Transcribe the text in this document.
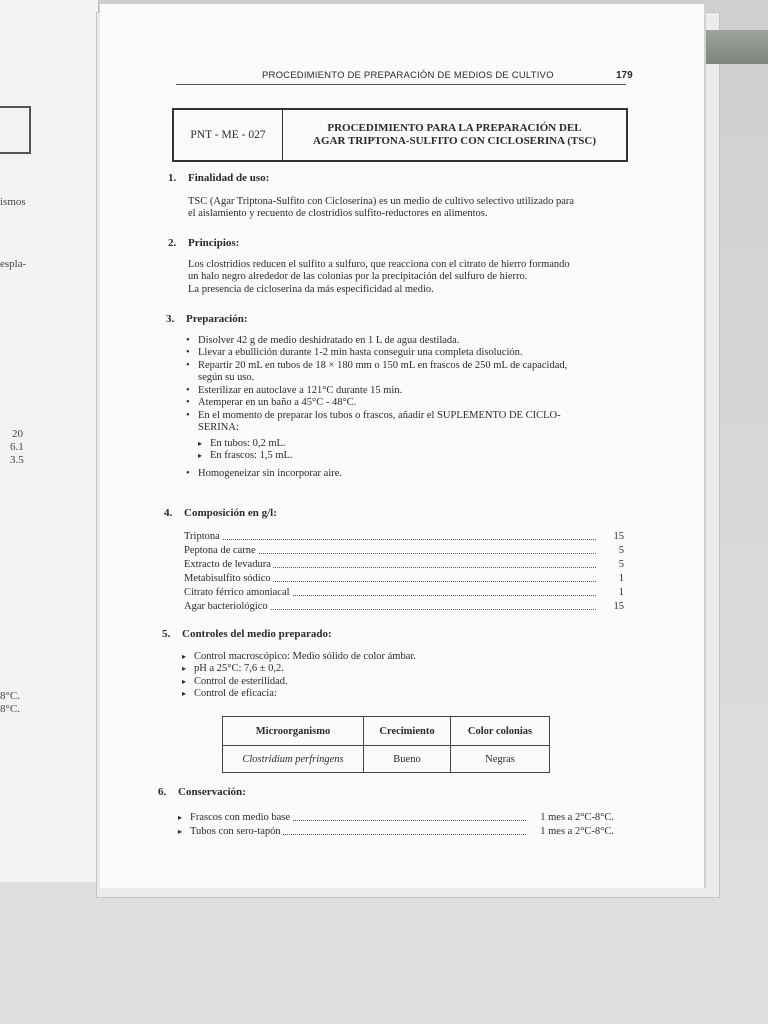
ismos
espla-
20
6.1
3.5
8°C.
8°C.
PROCEDIMIENTO DE PREPARACIÓN DE MEDIOS DE CULTIVO	179
PNT - ME - 027
PROCEDIMIENTO PARA LA PREPARACIÓN DEL
AGAR TRIPTONA-SULFITO CON CICLOSERINA (TSC)
1. Finalidad de uso:
TSC (Agar Triptona-Sulfito con Cicloserina) es un medio de cultivo selectivo utilizado para
el aislamiento y recuento de clostridios sulfito-reductores en alimentos.
2. Principios:
Los clostridios reducen el sulfito a sulfuro, que reacciona con el citrato de hierro formando
un halo negro alrededor de las colonias por la precipitación del sulfuro de hierro.
La presencia de cicloserina da más especificidad al medio.
3. Preparación:
• Disolver 42 g de medio deshidratado en 1 L de agua destilada.
• Llevar a ebullición durante 1-2 min hasta conseguir una completa disolución.
• Repartir 20 mL en tubos de 18 × 180 mm o 150 mL en frascos de 250 mL de capacidad,
según su uso.
• Esterilizar en autoclave a 121°C durante 15 min.
• Atemperar en un baño a 45°C - 48°C.
• En el momento de preparar los tubos o frascos, añadir el SUPLEMENTO DE CICLO-
SERINA:
▸ En tubos: 0,2 mL.
▸ En frascos: 1,5 mL.
• Homogeneizar sin incorporar aire.
4. Composición en g/l:
Triptona	15
Peptona de carne	5
Extracto de levadura	5
Metabisulfito sódico	1
Citrato férrico amoniacal	1
Agar bacteriológico	15
5. Controles del medio preparado:
▸ Control macroscópico: Medio sólido de color ámbar.
▸ pH a 25°C: 7,6 ± 0,2.
▸ Control de esterilidad.
▸ Control de eficacia:
Microorganismo	Crecimiento	Color colonias
Clostridium perfringens	Bueno	Negras
6. Conservación:
▸ Frascos con medio base	1 mes a 2°C-8°C.
▸ Tubos con sero-tapón	1 mes a 2°C-8°C.
